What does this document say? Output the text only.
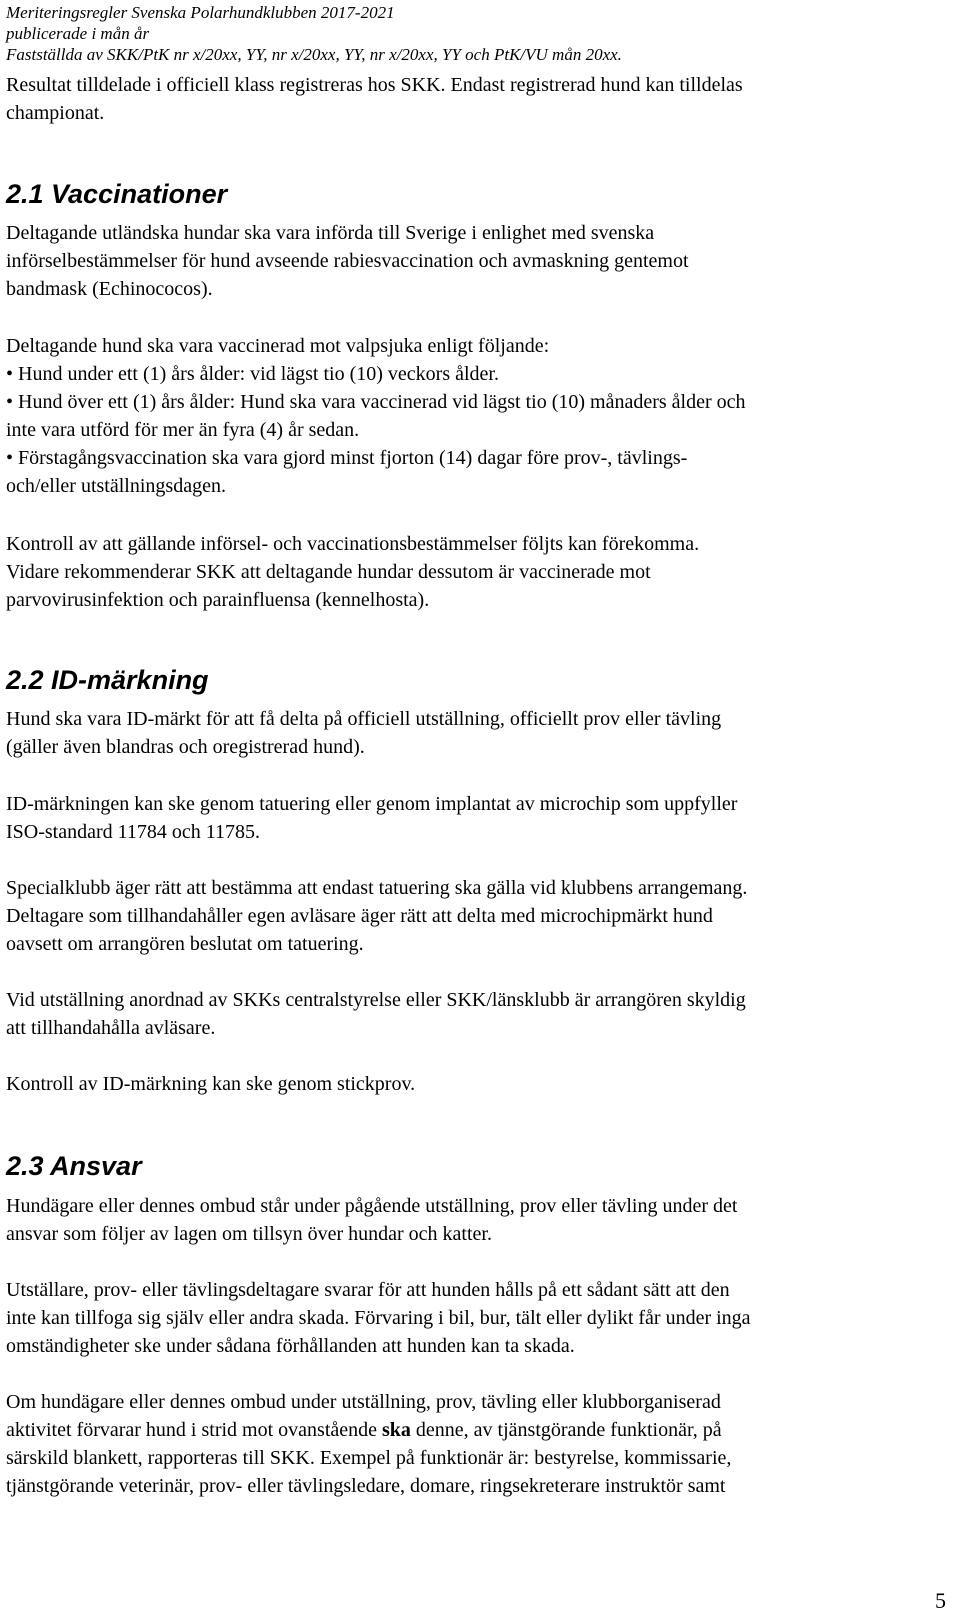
Meriteringsregler Svenska Polarhundklubben 2017-2021
publicerade i mån år
Fastställda av SKK/PtK nr x/20xx, YY, nr x/20xx, YY, nr x/20xx, YY och PtK/VU mån 20xx.
Resultat tilldelade i officiell klass registreras hos SKK. Endast registrerad hund kan tilldelas
championat.
2.1 Vaccinationer
Deltagande utländska hundar ska vara införda till Sverige i enlighet med svenska
införselbestämmelser för hund avseende rabiesvaccination och avmaskning gentemot
bandmask (Echinococos).
Deltagande hund ska vara vaccinerad mot valpsjuka enligt följande:
• Hund under ett (1) års ålder: vid lägst tio (10) veckors ålder.
• Hund över ett (1) års ålder: Hund ska vara vaccinerad vid lägst tio (10) månaders ålder och
inte vara utförd för mer än fyra (4) år sedan.
• Förstagångsvaccination ska vara gjord minst fjorton (14) dagar före prov-, tävlings-
och/eller utställningsdagen.
Kontroll av att gällande införsel- och vaccinationsbestämmelser följts kan förekomma.
Vidare rekommenderar SKK att deltagande hundar dessutom är vaccinerade mot
parvovirusinfektion och parainfluensa (kennelhosta).
2.2 ID-märkning
Hund ska vara ID-märkt för att få delta på officiell utställning, officiellt prov eller tävling
(gäller även blandras och oregistrerad hund).
ID-märkningen kan ske genom tatuering eller genom implantat av microchip som uppfyller
ISO-standard 11784 och 11785.
Specialklubb äger rätt att bestämma att endast tatuering ska gälla vid klubbens arrangemang.
Deltagare som tillhandahåller egen avläsare äger rätt att delta med microchipmärkt hund
oavsett om arrangören beslutat om tatuering.
Vid utställning anordnad av SKKs centralstyrelse eller SKK/länsklubb är arrangören skyldig
att tillhandahålla avläsare.
Kontroll av ID-märkning kan ske genom stickprov.
2.3 Ansvar
Hundägare eller dennes ombud står under pågående utställning, prov eller tävling under det
ansvar som följer av lagen om tillsyn över hundar och katter.
Utställare, prov- eller tävlingsdeltagare svarar för att hunden hålls på ett sådant sätt att den
inte kan tillfoga sig själv eller andra skada. Förvaring i bil, bur, tält eller dylikt får under inga
omständigheter ske under sådana förhållanden att hunden kan ta skada.
Om hundägare eller dennes ombud under utställning, prov, tävling eller klubborganiserad
aktivitet förvarar hund i strid mot ovanstående ska denne, av tjänstgörande funktionär, på
särskild blankett, rapporteras till SKK. Exempel på funktionär är: bestyrelse, kommissarie,
tjänstgörande veterinär, prov- eller tävlingsledare, domare, ringsekreterare instruktör samt
5
